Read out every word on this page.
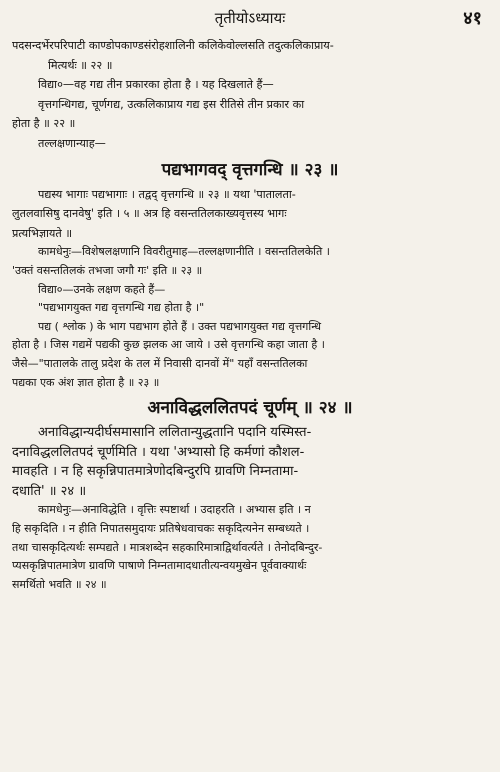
तृतीयोऽध्यायः	४१
पदसन्दर्भेरपरिपाटी काण्डोपकाण्डसंरोहशालिनी कलिकेवोल्लसति तदुत्कलिकाप्राय-
मित्यर्थः ॥ २२ ॥
विद्या०—वह गद्य तीन प्रकारका होता है । यह दिखलाते हैं—
वृत्तगन्धिगद्य, चूर्णगद्य, उत्कलिकाप्राय गद्य इस रीतिसे तीन प्रकार का
होता है ॥ २२ ॥
तल्लक्षणान्याह—
पद्यभागवद् वृत्तगन्धि ॥ २३ ॥
पद्यस्य भागाः पद्यभागाः । तद्वद् वृत्तगन्धि ॥ २३ ॥ यथा 'पातालता-
लुतलवासिषु दानवेषु' इति । ५ ॥ अत्र हि वसन्ततिलकाख्यवृत्तस्य भागः
प्रत्यभिज्ञायते ॥
कामधेनुः—विशेषलक्षणानि विवरीतुमाह—तल्लक्षणानीति । वसन्ततिलकेति ।
'उक्तं वसन्ततिलकं तभजा जगौ गः' इति ॥ २३ ॥
विद्या०—उनके लक्षण कहते हैं—
"पद्यभागयुक्त गद्य वृत्तगन्धि गद्य होता है ।"
पद्य ( श्लोक ) के भाग पद्यभाग होते हैं । उक्त पद्यभागयुक्त गद्य वृत्तगन्धि
होता है । जिस गद्यमें पद्यकी कुछ झलक आ जाये । उसे वृत्तगन्धि कहा जाता है ।
जैसे—"पातालके तालु प्रदेश के तल में निवासी दानवों में" यहाँ वसन्ततिलका
पद्यका एक अंश ज्ञात होता है ॥ २३ ॥
अनाविद्धललितपदं चूर्णम् ॥ २४ ॥
अनाविद्धान्यदीर्घसमासानि ललितान्युद्धतानि पदानि यस्मिस्त-
दनाविद्धललितपदं चूर्णमिति । यथा 'अभ्यासो हि कर्मणां कौशल-
मावहति । न हि सकृन्निपातमात्रेणोदबिन्दुरपि ग्रावणि निम्नतामा-
दधाति' ॥ २४ ॥
कामधेनुः—अनाविद्धेति । वृत्तिः स्पष्टार्था । उदाहरति । अभ्यास इति । न
हि सकृदिति । न हीति निपातसमुदायः प्रतिषेधवाचकः सकृदित्यनेन सम्बध्यते ।
तथा चासकृदित्यर्थः सम्पद्यते । मात्रशब्देन सहकारिमात्राद्विर्थावर्त्यते । तेनोदबिन्दुर-
प्यसकृन्निपातमात्रेण ग्रावणि पाषाणे निम्नतामादधातीत्यन्वयमुखेन पूर्ववाक्यार्थः
समर्थितो भवति ॥ २४ ॥
